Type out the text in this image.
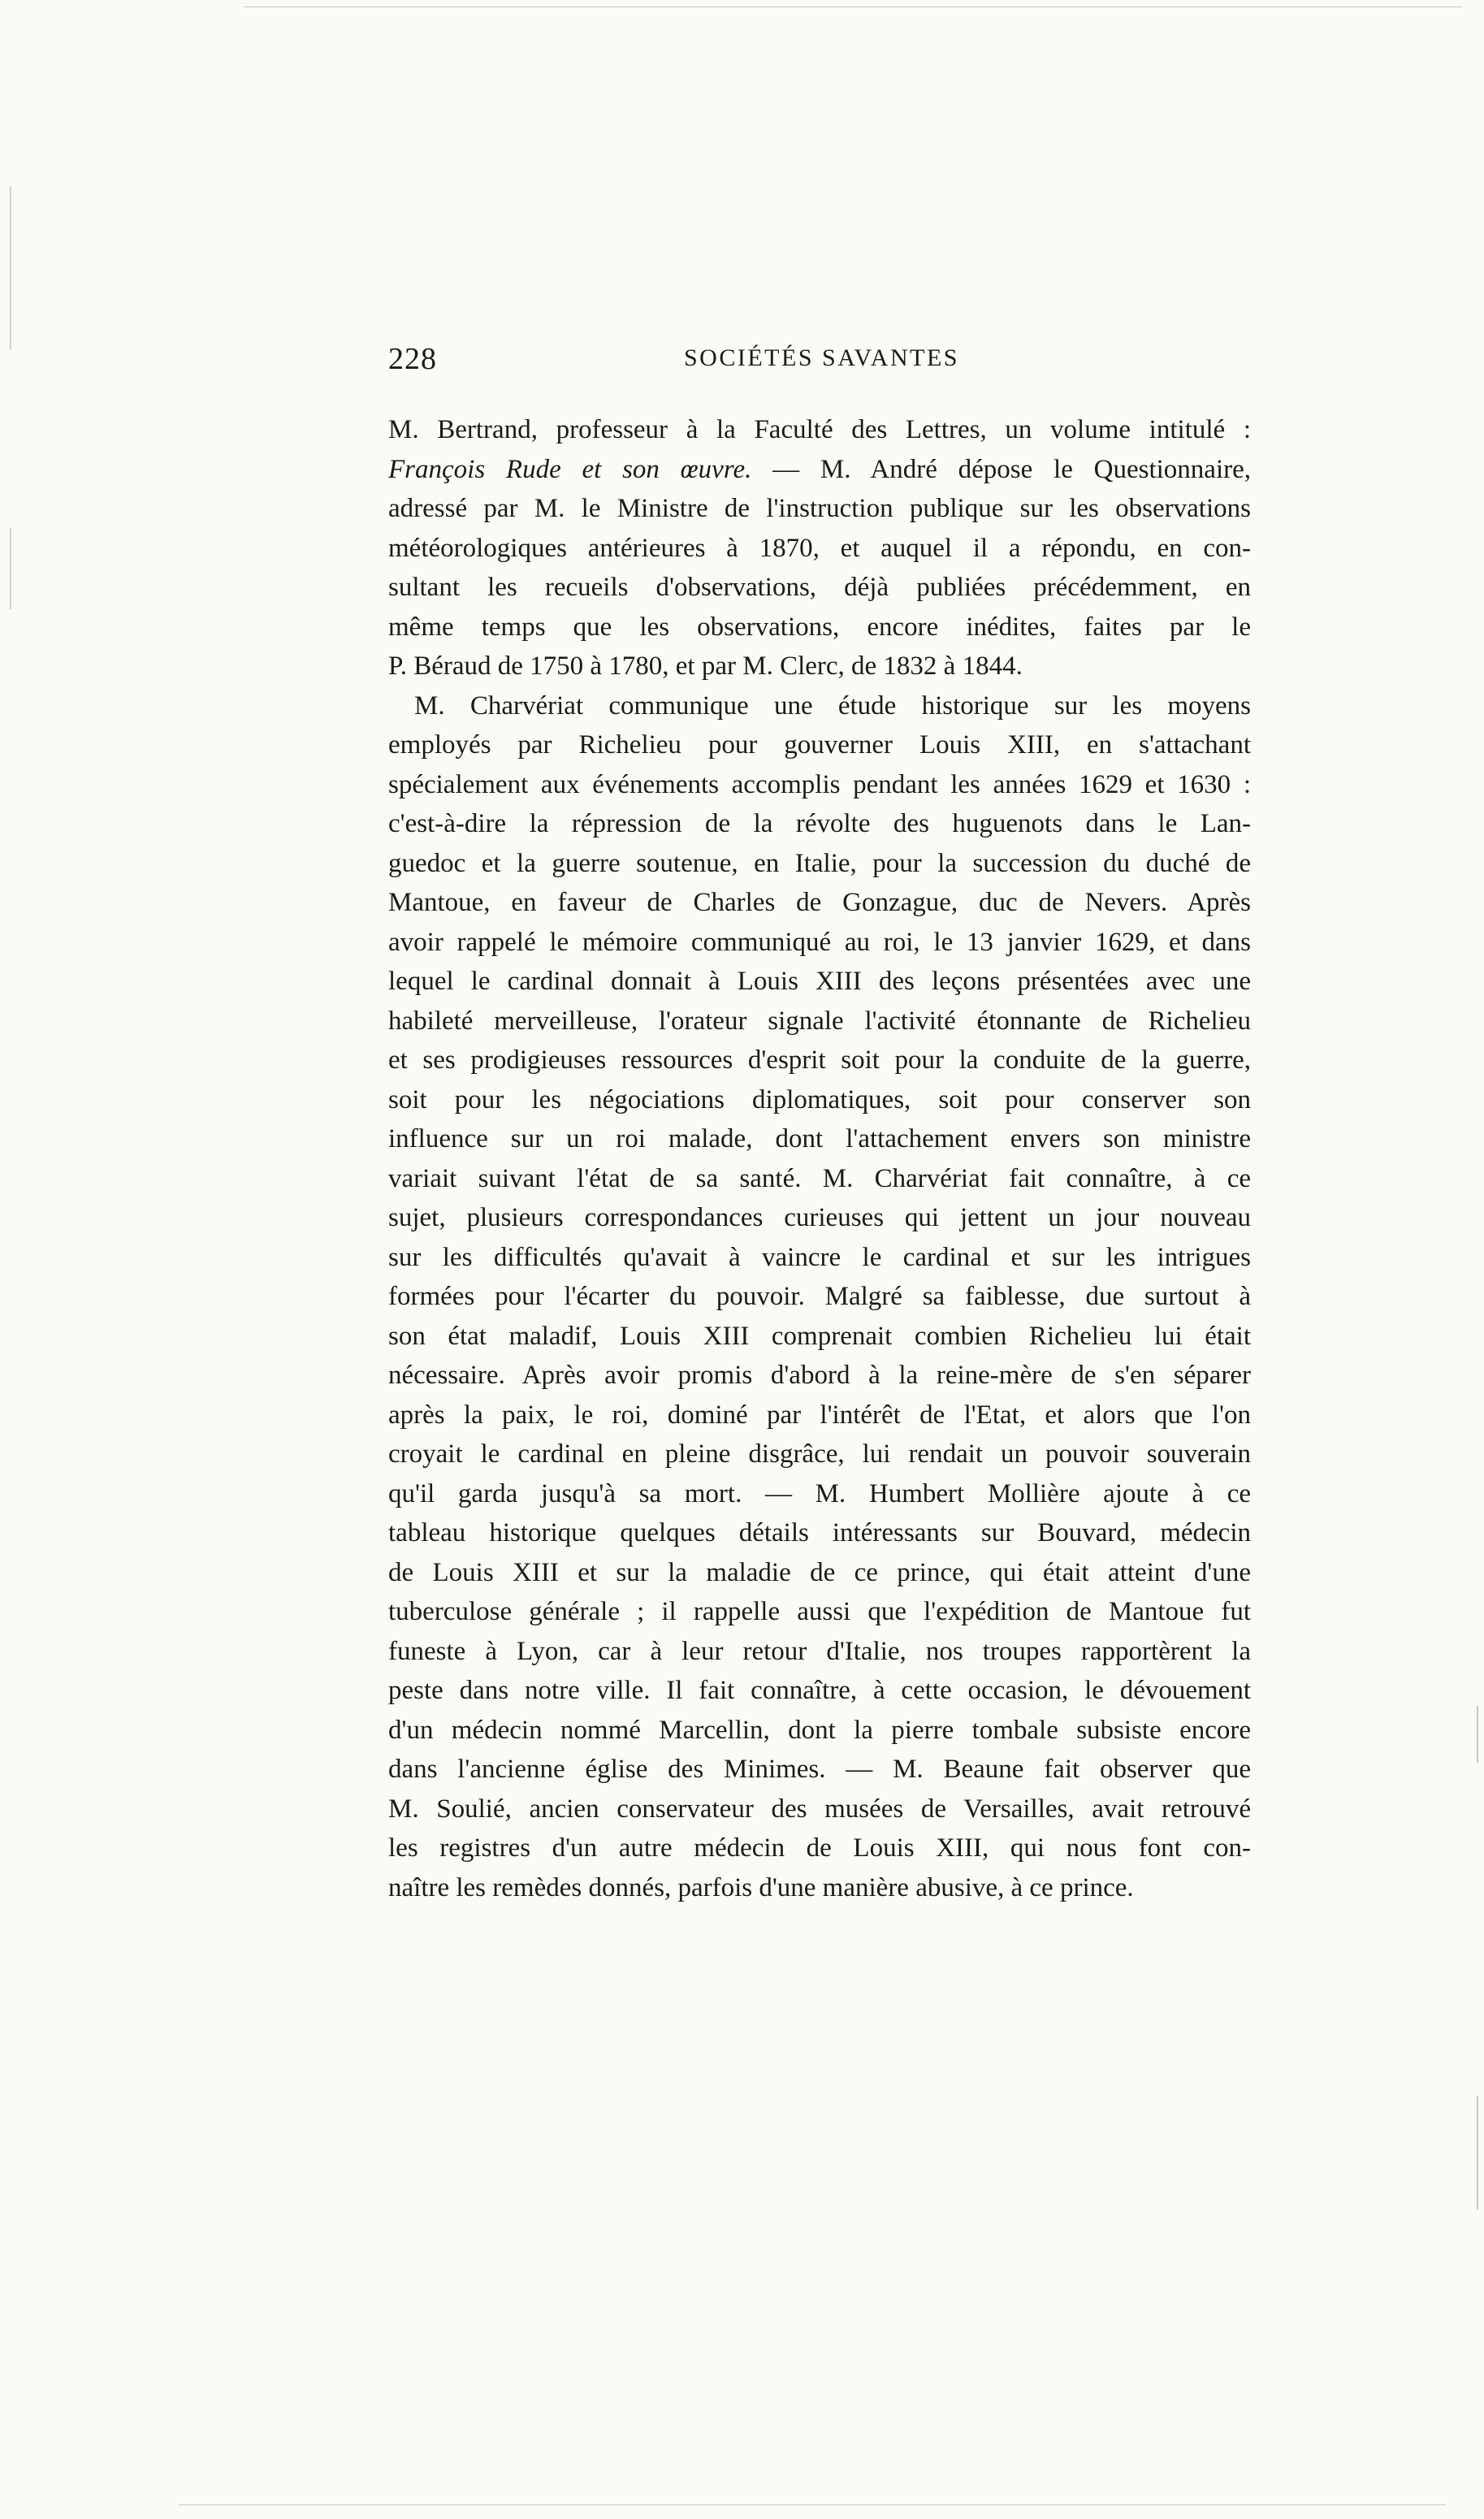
228	SOCIÉTÉS SAVANTES
M. Bertrand, professeur à la Faculté des Lettres, un volume intitulé :
François Rude et son œuvre. — M. André dépose le Questionnaire,
adressé par M. le Ministre de l'instruction publique sur les observations
météorologiques antérieures à 1870, et auquel il a répondu, en con-
sultant les recueils d'observations, déjà publiées précédemment, en
même temps que les observations, encore inédites, faites par le
P. Béraud de 1750 à 1780, et par M. Clerc, de 1832 à 1844.
M. Charvériat communique une étude historique sur les moyens
employés par Richelieu pour gouverner Louis XIII, en s'attachant
spécialement aux événements accomplis pendant les années 1629 et 1630 :
c'est-à-dire la répression de la révolte des huguenots dans le Lan-
guedoc et la guerre soutenue, en Italie, pour la succession du duché de
Mantoue, en faveur de Charles de Gonzague, duc de Nevers. Après
avoir rappelé le mémoire communiqué au roi, le 13 janvier 1629, et dans
lequel le cardinal donnait à Louis XIII des leçons présentées avec une
habileté merveilleuse, l'orateur signale l'activité étonnante de Richelieu
et ses prodigieuses ressources d'esprit soit pour la conduite de la guerre,
soit pour les négociations diplomatiques, soit pour conserver son
influence sur un roi malade, dont l'attachement envers son ministre
variait suivant l'état de sa santé. M. Charvériat fait connaître, à ce
sujet, plusieurs correspondances curieuses qui jettent un jour nouveau
sur les difficultés qu'avait à vaincre le cardinal et sur les intrigues
formées pour l'écarter du pouvoir. Malgré sa faiblesse, due surtout à
son état maladif, Louis XIII comprenait combien Richelieu lui était
nécessaire. Après avoir promis d'abord à la reine-mère de s'en séparer
après la paix, le roi, dominé par l'intérêt de l'Etat, et alors que l'on
croyait le cardinal en pleine disgrâce, lui rendait un pouvoir souverain
qu'il garda jusqu'à sa mort. — M. Humbert Mollière ajoute à ce
tableau historique quelques détails intéressants sur Bouvard, médecin
de Louis XIII et sur la maladie de ce prince, qui était atteint d'une
tuberculose générale ; il rappelle aussi que l'expédition de Mantoue fut
funeste à Lyon, car à leur retour d'Italie, nos troupes rapportèrent la
peste dans notre ville. Il fait connaître, à cette occasion, le dévouement
d'un médecin nommé Marcellin, dont la pierre tombale subsiste encore
dans l'ancienne église des Minimes. — M. Beaune fait observer que
M. Soulié, ancien conservateur des musées de Versailles, avait retrouvé
les registres d'un autre médecin de Louis XIII, qui nous font con-
naître les remèdes donnés, parfois d'une manière abusive, à ce prince.
